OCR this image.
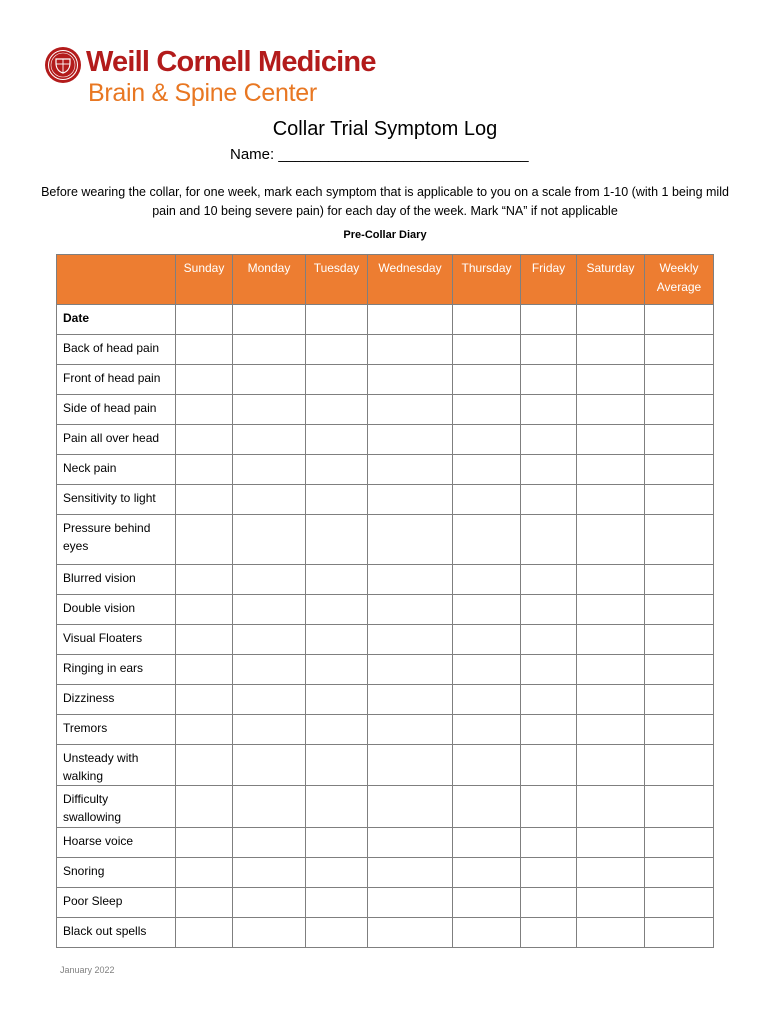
Weill Cornell Medicine
Brain & Spine Center
Collar Trial Symptom Log
Name: ______________________________
Before wearing the collar, for one week, mark each symptom that is applicable to you on a scale from 1-10 (with 1 being mild pain and 10 being severe pain) for each day of the week. Mark “NA” if not applicable
Pre-Collar Diary
	Sunday	Monday	Tuesday	Wednesday	Thursday	Friday	Saturday	Weekly Average
Date								
Back of head pain								
Front of head pain								
Side of head pain								
Pain all over head								
Neck pain								
Sensitivity to light								
Pressure behind eyes								
Blurred vision								
Double vision								
Visual Floaters								
Ringing in ears								
Dizziness								
Tremors								
Unsteady with walking								
Difficulty swallowing								
Hoarse voice								
Snoring								
Poor Sleep								
Black out spells								
January 2022
